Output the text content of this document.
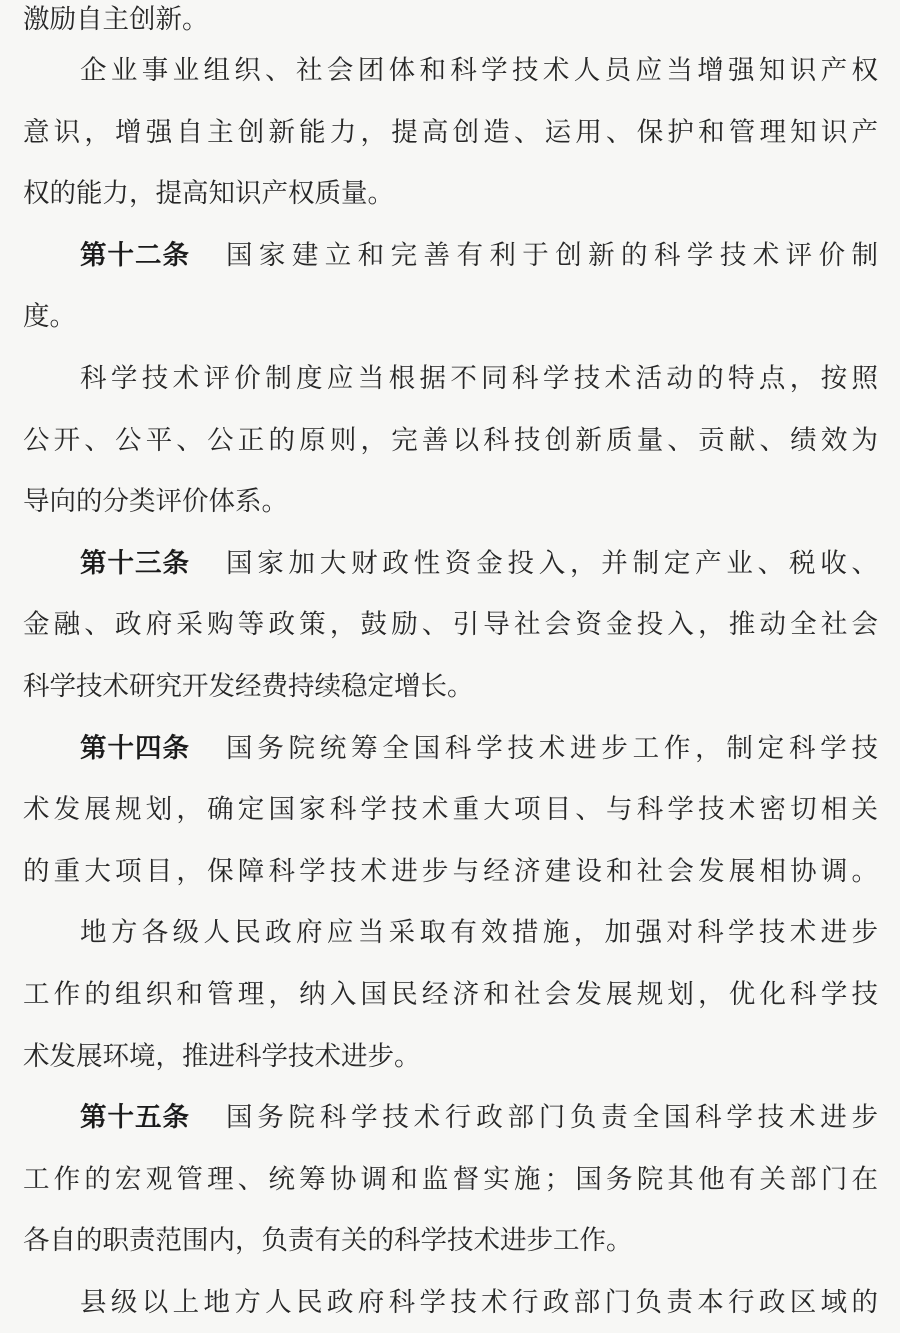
激励自主创新。
企业事业组织、社会团体和科学技术人员应当增强知识产权
意识，增强自主创新能力，提高创造、运用、保护和管理知识产
权的能力，提高知识产权质量。
第十二条 国家建立和完善有利于创新的科学技术评价制
度。
科学技术评价制度应当根据不同科学技术活动的特点，按照
公开、公平、公正的原则，完善以科技创新质量、贡献、绩效为
导向的分类评价体系。
第十三条 国家加大财政性资金投入，并制定产业、税收、
金融、政府采购等政策，鼓励、引导社会资金投入，推动全社会
科学技术研究开发经费持续稳定增长。
第十四条 国务院统筹全国科学技术进步工作，制定科学技
术发展规划，确定国家科学技术重大项目、与科学技术密切相关
的重大项目，保障科学技术进步与经济建设和社会发展相协调。
地方各级人民政府应当采取有效措施，加强对科学技术进步
工作的组织和管理，纳入国民经济和社会发展规划，优化科学技
术发展环境，推进科学技术进步。
第十五条 国务院科学技术行政部门负责全国科学技术进步
工作的宏观管理、统筹协调和监督实施；国务院其他有关部门在
各自的职责范围内，负责有关的科学技术进步工作。
县级以上地方人民政府科学技术行政部门负责本行政区域的
